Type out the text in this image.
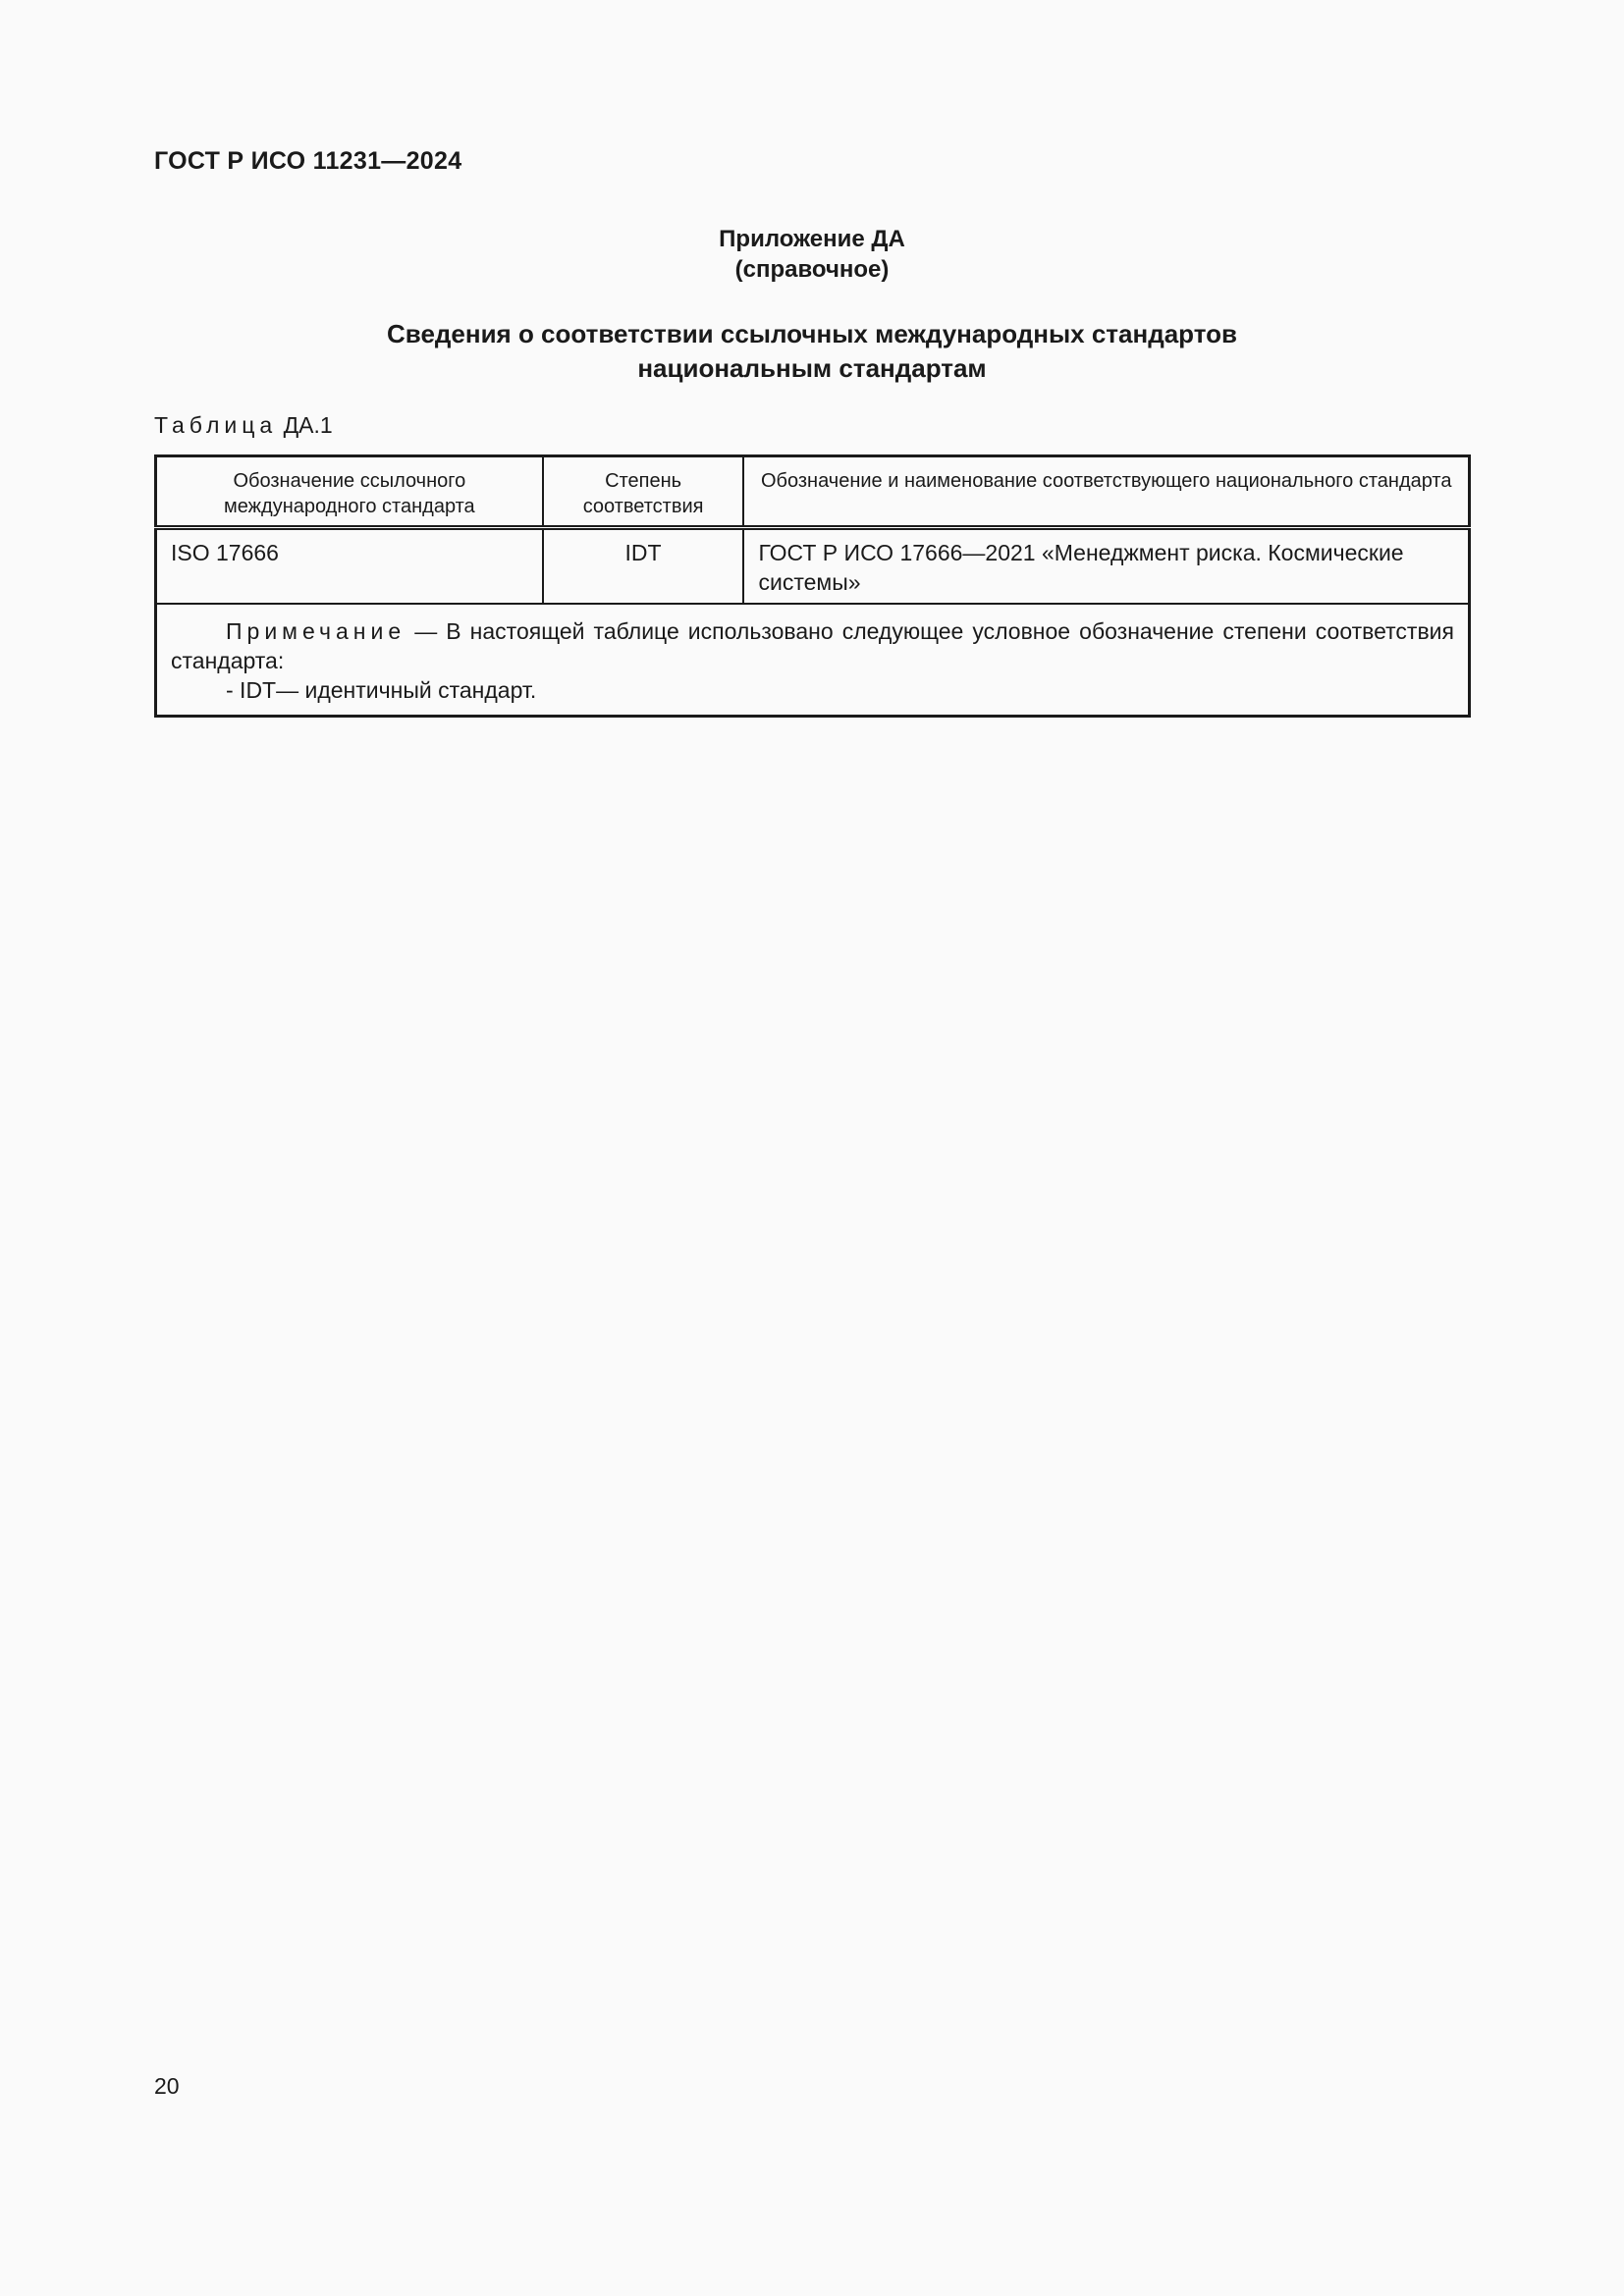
ГОСТ Р ИСО 11231—2024
Приложение ДА
(справочное)
Сведения о соответствии ссылочных международных стандартов
национальным стандартам
Таблица ДА.1
Обозначение ссылочного международного стандарта	Степень соответствия	Обозначение и наименование соответствующего национального стандарта
ISO 17666	IDT	ГОСТ Р ИСО 17666—2021 «Менеджмент риска. Космические системы»
Примечание — В настоящей таблице использовано следующее условное обозначение степени соответствия стандарта:
- IDT— идентичный стандарт.		
20
